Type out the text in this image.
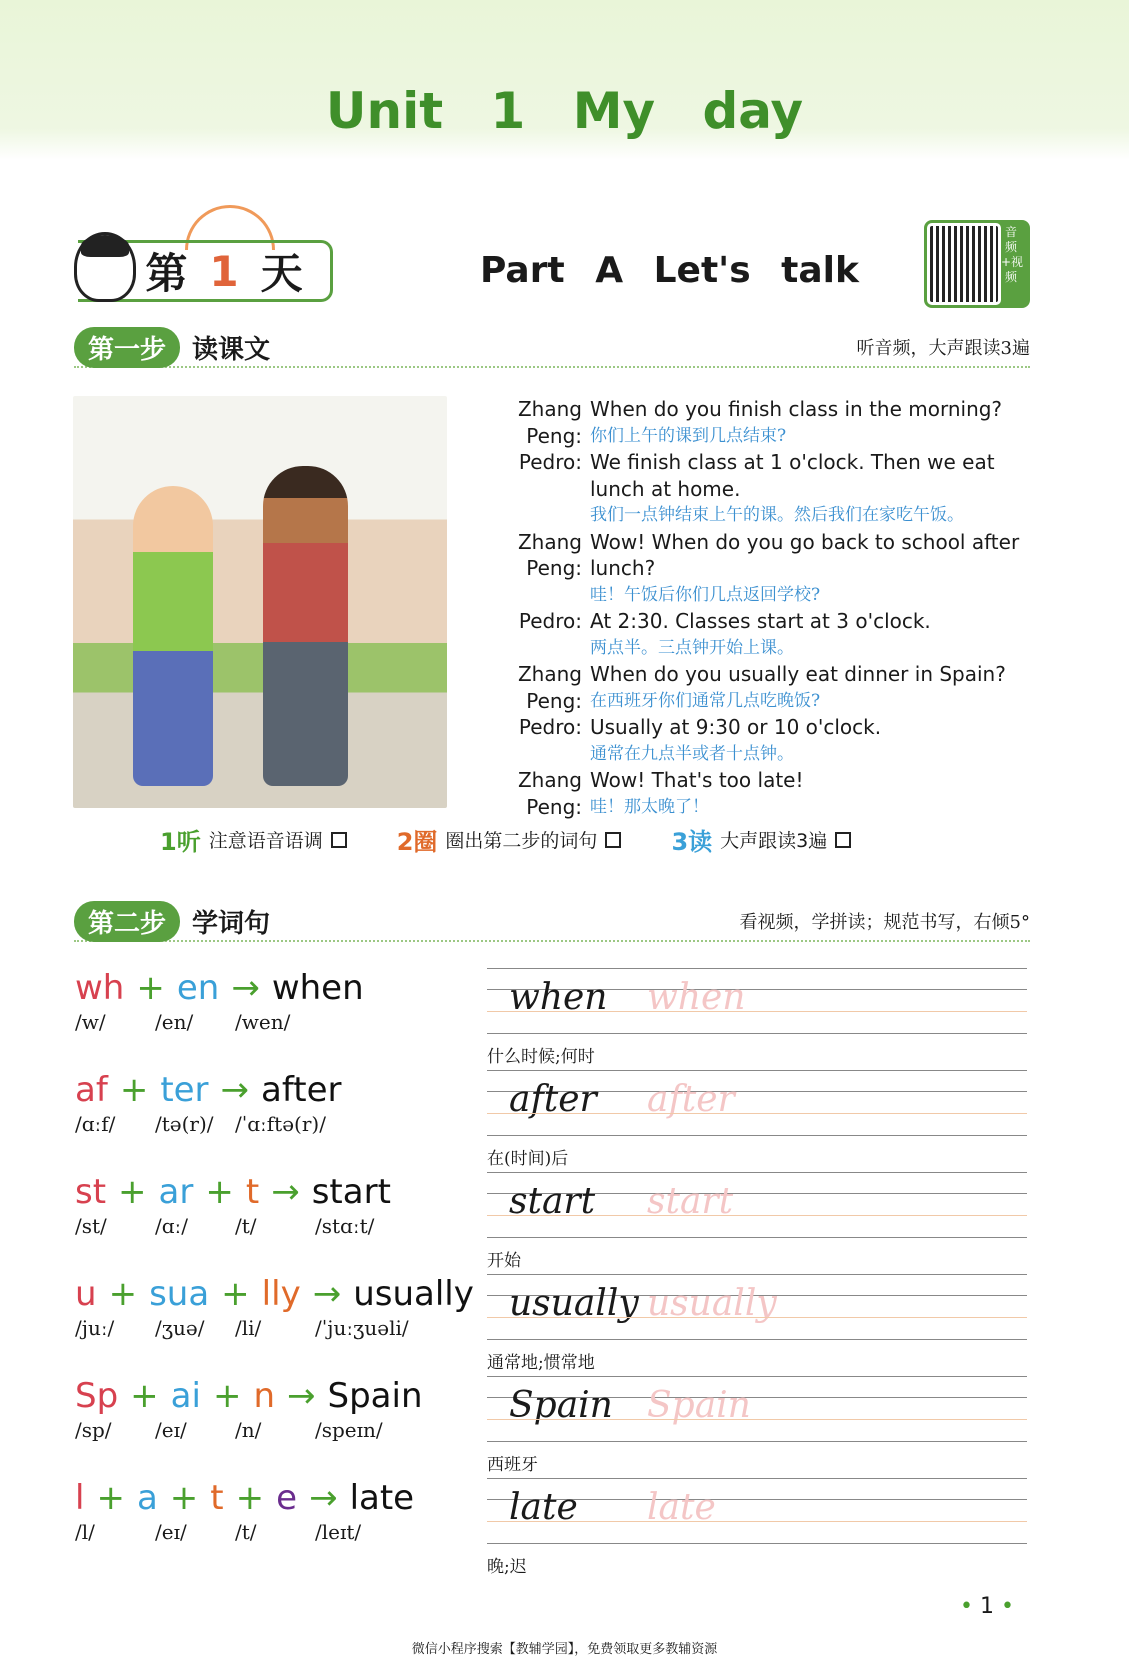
Unit 1 My day
第 1 天	Part A Let's talk
音频+视频
第一步	读课文	听音频，大声跟读3遍
Zhang Peng:
When do you finish class in the morning?
你们上午的课到几点结束?
Pedro: We finish class at 1 o'clock. Then we eat lunch at home.
我们一点钟结束上午的课。然后我们在家吃午饭。
Zhang Peng:
Wow! When do you go back to school after lunch?
哇！午饭后你们几点返回学校?
Pedro: At 2:30. Classes start at 3 o'clock.
两点半。三点钟开始上课。
Zhang Peng:
When do you usually eat dinner in Spain?
在西班牙你们通常几点吃晚饭?
Pedro: Usually at 9:30 or 10 o'clock.
通常在九点半或者十点钟。
Zhang Peng:
Wow! That's too late!
哇！那太晚了！
1听 注意语音语调	2圈 圈出第二步的词句	3读 大声跟读3遍
第二步	学词句	看视频，学拼读；规范书写，右倾5°
wh + en → when
/w/	/en/	/wen/
when when
什么时候;何时
af + ter → after
/ɑːf/	/tə(r)/	/ˈɑːftə(r)/
after after
在(时间)后
st + ar + t → start
/st/	/ɑː/	/t/	/stɑːt/
start start
开始
u + sua + lly → usually
/juː/	/ʒuə/	/li/	/ˈjuːʒuəli/
usually usually
通常地;惯常地
Sp + ai + n → Spain
/sp/	/eɪ/	/n/	/speɪn/
Spain Spain
西班牙
l + a + t + e → late
/l/	/eɪ/	/t/	/leɪt/
late late
晚;迟
• 1 •
微信小程序搜索【教辅学园】，免费领取更多教辅资源
